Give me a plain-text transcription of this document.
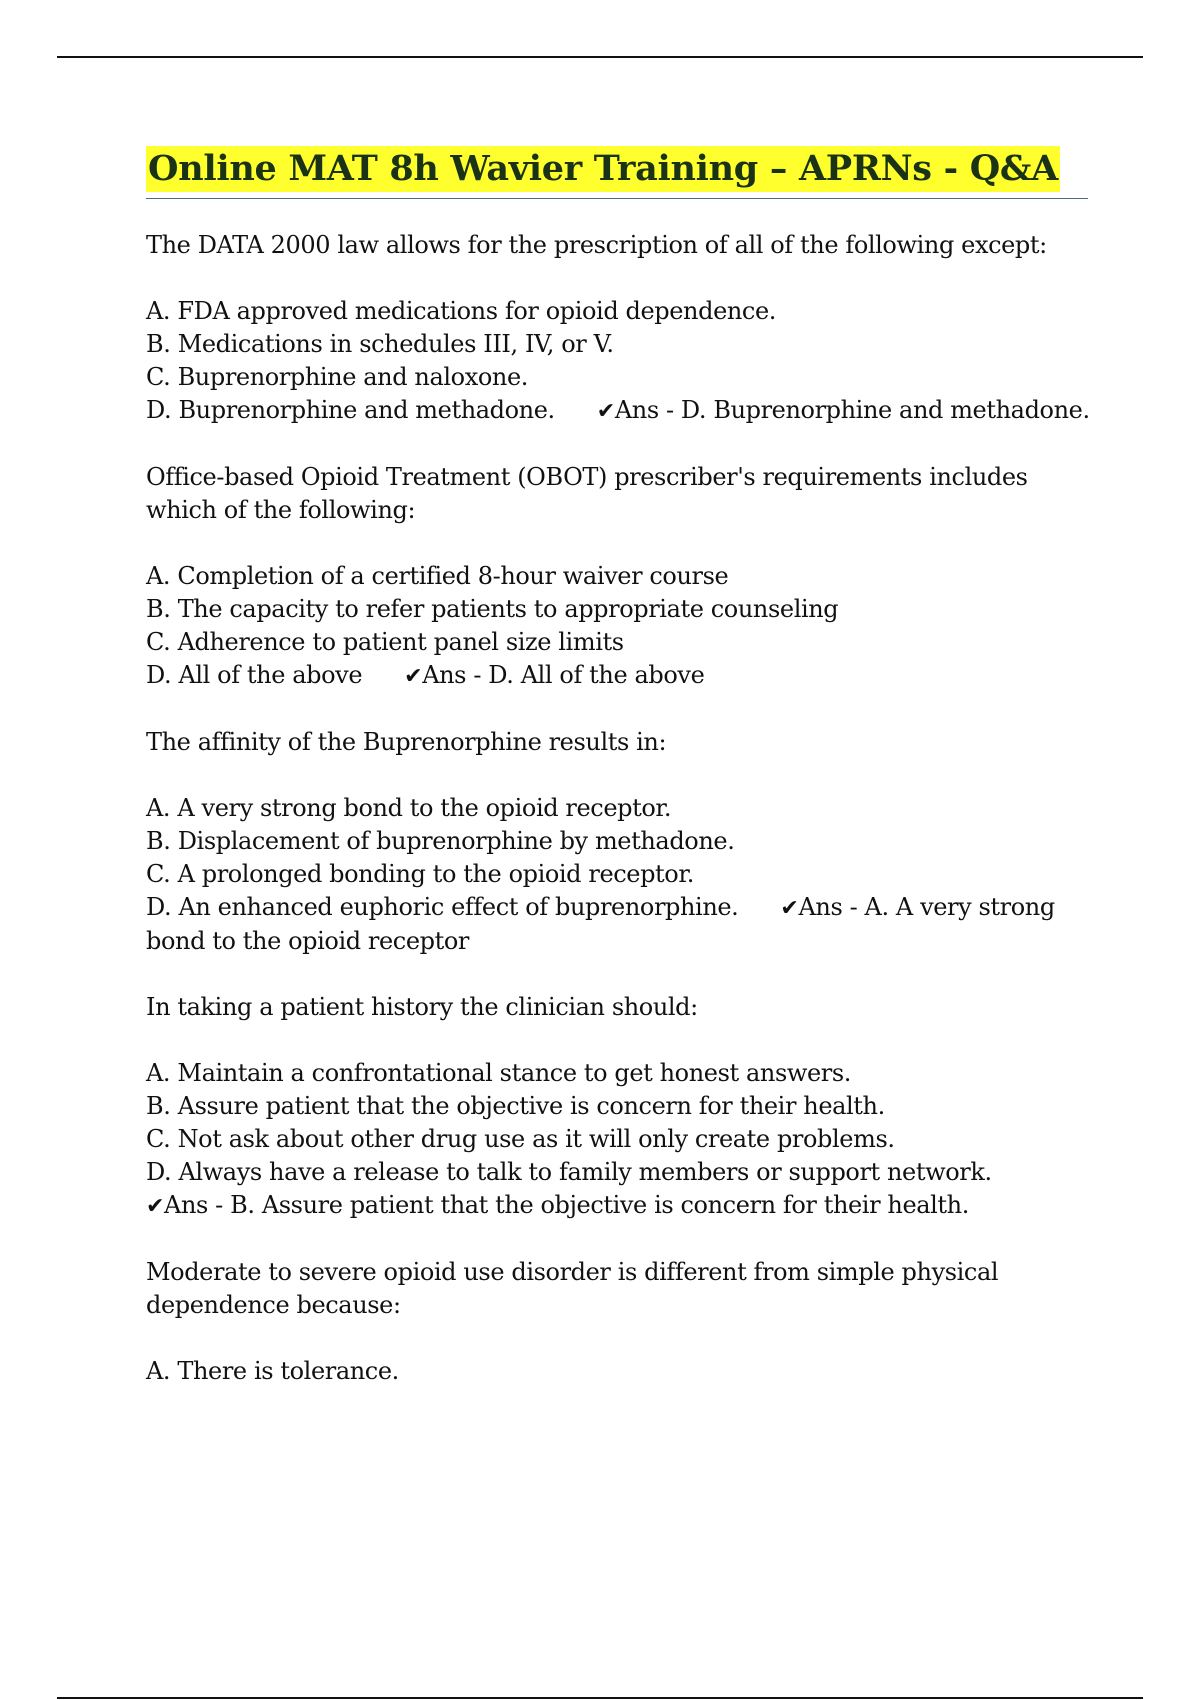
Online MAT 8h Wavier Training – APRNs - Q&A
The DATA 2000 law allows for the prescription of all of the following except:
A. FDA approved medications for opioid dependence.
B. Medications in schedules III, IV, or V.
C. Buprenorphine and naloxone.
D. Buprenorphine and methadone. ✔Ans - D. Buprenorphine and methadone.
Office-based Opioid Treatment (OBOT) prescriber's requirements includes which of the following:
A. Completion of a certified 8-hour waiver course
B. The capacity to refer patients to appropriate counseling
C. Adherence to patient panel size limits
D. All of the above ✔Ans - D. All of the above
The affinity of the Buprenorphine results in:
A. A very strong bond to the opioid receptor.
B. Displacement of buprenorphine by methadone.
C. A prolonged bonding to the opioid receptor.
D. An enhanced euphoric effect of buprenorphine. ✔Ans - A. A very strong bond to the opioid receptor
In taking a patient history the clinician should:
A. Maintain a confrontational stance to get honest answers.
B. Assure patient that the objective is concern for their health.
C. Not ask about other drug use as it will only create problems.
D. Always have a release to talk to family members or support network.
✔Ans - B. Assure patient that the objective is concern for their health.
Moderate to severe opioid use disorder is different from simple physical dependence because:
A. There is tolerance.
